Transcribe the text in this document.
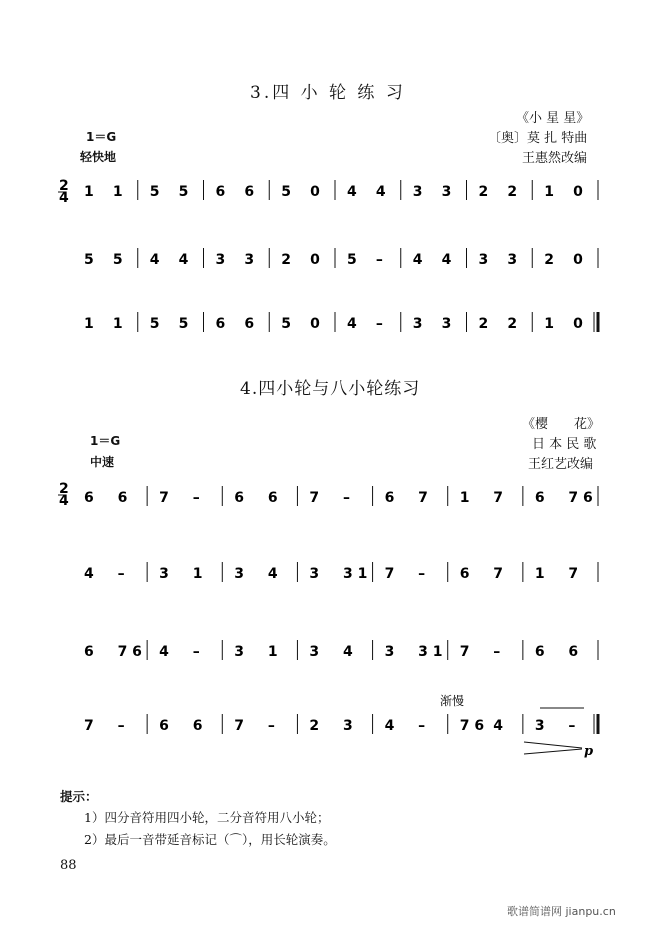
3.四 小 轮 练 习
《小 星 星》
〔奥〕莫 扎 特曲
王惠然改编
1＝G
轻快地
2
4 1 1 5 5 6 6 5 0 4 4 3 3 2 2 1 0
5 5 4 4 3 3 2 0 5 – 4 4 3 3 2 0
1 1 5 5 6 6 5 0 4 – 3 3 2 2 1 0
4.四小轮与八小轮练习
《樱　　花》
日 本 民 歌
王红艺改编
1＝G
中速
2
4 6 6 7 – 6 6 7 – 6 7 1 7 6 7 6
4 – 3 1 3 4 3 3 1 7 – 6 7 1 7
6 7 6 4 – 3 1 3 4 3 3 1 7 – 6 6
7 – 6 6 7 – 2 3 4 – 7 6 4 3 –
渐慢
p
提示：
1）四分音符用四小轮，二分音符用八小轮；
2）最后一音带延音标记（⌒），用长轮演奏。
88
歌谱简谱网 jianpu.cn
